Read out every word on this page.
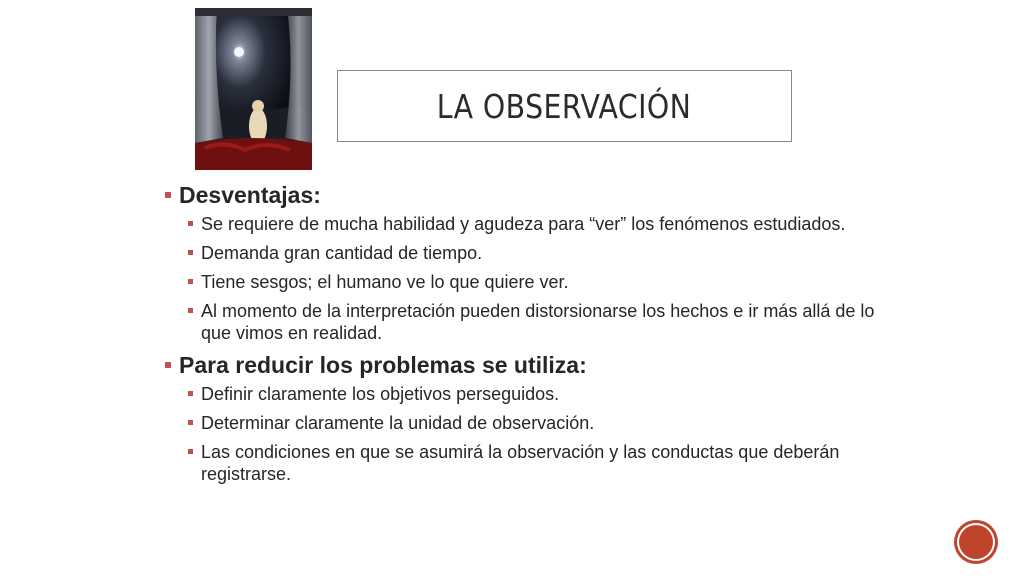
LA OBSERVACIÓN
Desventajas:
Se requiere de mucha habilidad y agudeza para “ver” los fenómenos estudiados.
Demanda gran cantidad de tiempo.
Tiene sesgos; el humano ve lo que quiere ver.
Al momento de la interpretación pueden distorsionarse los hechos e ir más allá de lo que vimos en realidad.
Para reducir los problemas se utiliza:
Definir claramente los objetivos perseguidos.
Determinar claramente la unidad de observación.
Las condiciones en que se asumirá la observación y las conductas que deberán registrarse.
